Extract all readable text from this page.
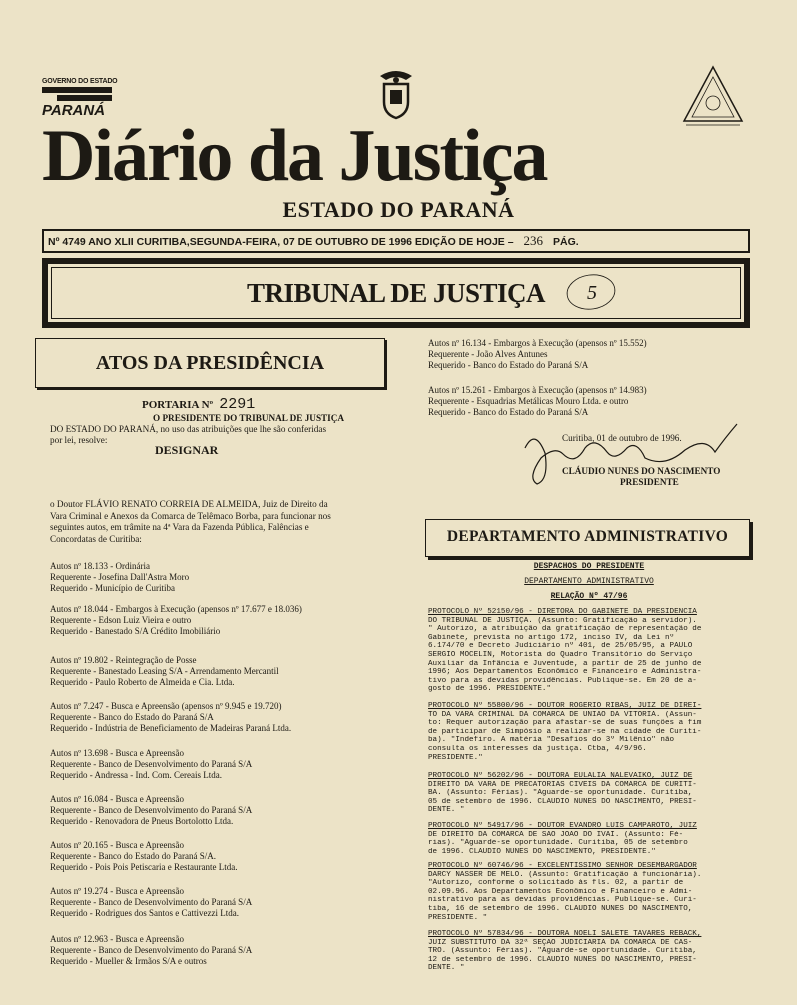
GOVERNO DO ESTADO
PARANÁ
Diário da Justiça
ESTADO DO PARANÁ
Nº 4749 ANO XLII CURITIBA,SEGUNDA-FEIRA, 07 DE OUTUBRO DE 1996 EDIÇÃO DE HOJE – 236 PÁG.
TRIBUNAL DE JUSTIÇA	5
ATOS DA PRESIDÊNCIA
PORTARIA Nº 2291
O PRESIDENTE DO TRIBUNAL DE JUSTIÇA
DO ESTADO DO PARANÁ, no uso das atribuições que lhe são conferidas
por lei, resolve:
DESIGNAR
o Doutor FLÁVIO RENATO CORREIA DE ALMEIDA, Juiz de Direito da
Vara Criminal e Anexos da Comarca de Telêmaco Borba, para funcionar nos
seguintes autos, em trâmite na 4ª Vara da Fazenda Pública, Falências e
Concordatas de Curitiba:
Autos nº 18.133 - Ordinária
Requerente - Josefina Dall'Astra Moro
Requerido - Município de Curitiba
Autos nº 18.044 - Embargos à Execução (apensos nº 17.677 e 18.036)
Requerente - Edson Luiz Vieira e outro
Requerido - Banestado S/A Crédito Imobiliário
Autos nº 19.802 - Reintegração de Posse
Requerente - Banestado Leasing S/A - Arrendamento Mercantil
Requerido - Paulo Roberto de Almeida e Cia. Ltda.
Autos nº 7.247 - Busca e Apreensão (apensos nº 9.945 e 19.720)
Requerente - Banco do Estado do Paraná S/A
Requerido - Indústria de Beneficiamento de Madeiras Paraná Ltda.
Autos nº 13.698 - Busca e Apreensão
Requerente - Banco de Desenvolvimento do Paraná S/A
Requerido - Andressa - Ind. Com. Cereais Ltda.
Autos nº 16.084 - Busca e Apreensão
Requerente - Banco de Desenvolvimento do Paraná S/A
Requerido - Renovadora de Pneus Bortolotto Ltda.
Autos nº 20.165 - Busca e Apreensão
Requerente - Banco do Estado do Paraná S/A.
Requerido - Pois Pois Petiscaria e Restaurante Ltda.
Autos nº 19.274 - Busca e Apreensão
Requerente - Banco de Desenvolvimento do Paraná S/A
Requerido - Rodrigues dos Santos e Cattivezzi Ltda.
Autos nº 12.963 - Busca e Apreensão
Requerente - Banco de Desenvolvimento do Paraná S/A
Requerido - Mueller & Irmãos S/A e outros
Autos nº 16.134 - Embargos à Execução (apensos nº 15.552)
Requerente - João Alves Antunes
Requerido - Banco do Estado do Paraná S/A
Autos nº 15.261 - Embargos à Execução (apensos nº 14.983)
Requerente - Esquadrias Metálicas Mouro Ltda. e outro
Requerido - Banco do Estado do Paraná S/A
Curitiba, 01 de outubro de 1996.
CLÁUDIO NUNES DO NASCIMENTO
PRESIDENTE
DEPARTAMENTO ADMINISTRATIVO
DESPACHOS DO PRESIDENTE
DEPARTAMENTO ADMINISTRATIVO
RELAÇÃO Nº 47/96
PROTOCOLO Nº 52150/96 - DIRETORA DO GABINETE DA PRESIDÊNCIA
DO TRIBUNAL DE JUSTIÇA. (Assunto: Gratificação a servidor).
" Autorizo, a atribuição da gratificação de representação de
Gabinete, prevista no artigo 172, inciso IV, da Lei nº
6.174/70 e Decreto Judiciário nº 401, de 25/05/95, a PAULO
SÉRGIO MOCELIN, Motorista do Quadro Transitório do Serviço
Auxiliar da Infância e Juventude, a partir de 25 de junho de
1996; Aos Departamentos Econômico e Financeiro e Administra-
tivo para as devidas providências. Publique-se. Em 20 de a-
gosto de 1996. PRESIDENTE."
PROTOCOLO Nº 55800/96 - DOUTOR ROGÉRIO RIBAS, JUIZ DE DIREI-
TO DA VARA CRIMINAL DA COMARCA DE UNIÃO DA VITÓRIA. (Assun-
to: Requer autorização para afastar-se de suas funções a fim
de participar de Simpósio a realizar-se na cidade de Curiti-
ba). "Indefiro. A matéria "Desafios do 3º Milênio" não
consulta os interesses da justiça. Ctba, 4/9/96.
PRESIDENTE."
PROTOCOLO Nº 56202/96 - DOUTORA EULÁLIA NALEVAIKO, JUIZ DE
DIREITO DA VARA DE PRECATÓRIAS CÍVEIS DA COMARCA DE CURITI-
BA. (Assunto: Férias). "Aguarde-se oportunidade. Curitiba,
05 de setembro de 1996. CLÁUDIO NUNES DO NASCIMENTO, PRESI-
DENTE. "
PROTOCOLO Nº 54917/96 - DOUTOR EVANDRO LUIS CAMPAROTO, JUIZ
DE DIREITO DA COMARCA DE SÃO JOÃO DO IVAÍ. (Assunto: Fé-
rias). "Aguarde-se oportunidade. Curitiba, 05 de setembro
de 1996. CLÁUDIO NUNES DO NASCIMENTO, PRESIDENTE."
PROTOCOLO Nº 60746/96 - EXCELENTÍSSIMO SENHOR DESEMBARGADOR
DARCY NASSER DE MELO. (Assunto: Gratificação à funcionária).
"Autorizo, conforme o solicitado às fls. 02, a partir de
02.09.96. Aos Departamentos Econômico e Financeiro e Admi-
nistrativo para as devidas providências. Publique-se. Curi-
tiba, 16 de setembro de 1996. CLÁUDIO NUNES DO NASCIMENTO,
PRESIDENTE. "
PROTOCOLO Nº 57834/96 - DOUTORA NOELI SALETE TAVARES REBACK,
JUIZ SUBSTITUTO DA 32ª SEÇÃO JUDICIÁRIA DA COMARCA DE CAS-
TRO. (Assunto: Férias). "Aguarde-se oportunidade. Curitiba,
12 de setembro de 1996. CLÁUDIO NUNES DO NASCIMENTO, PRESI-
DENTE. "
